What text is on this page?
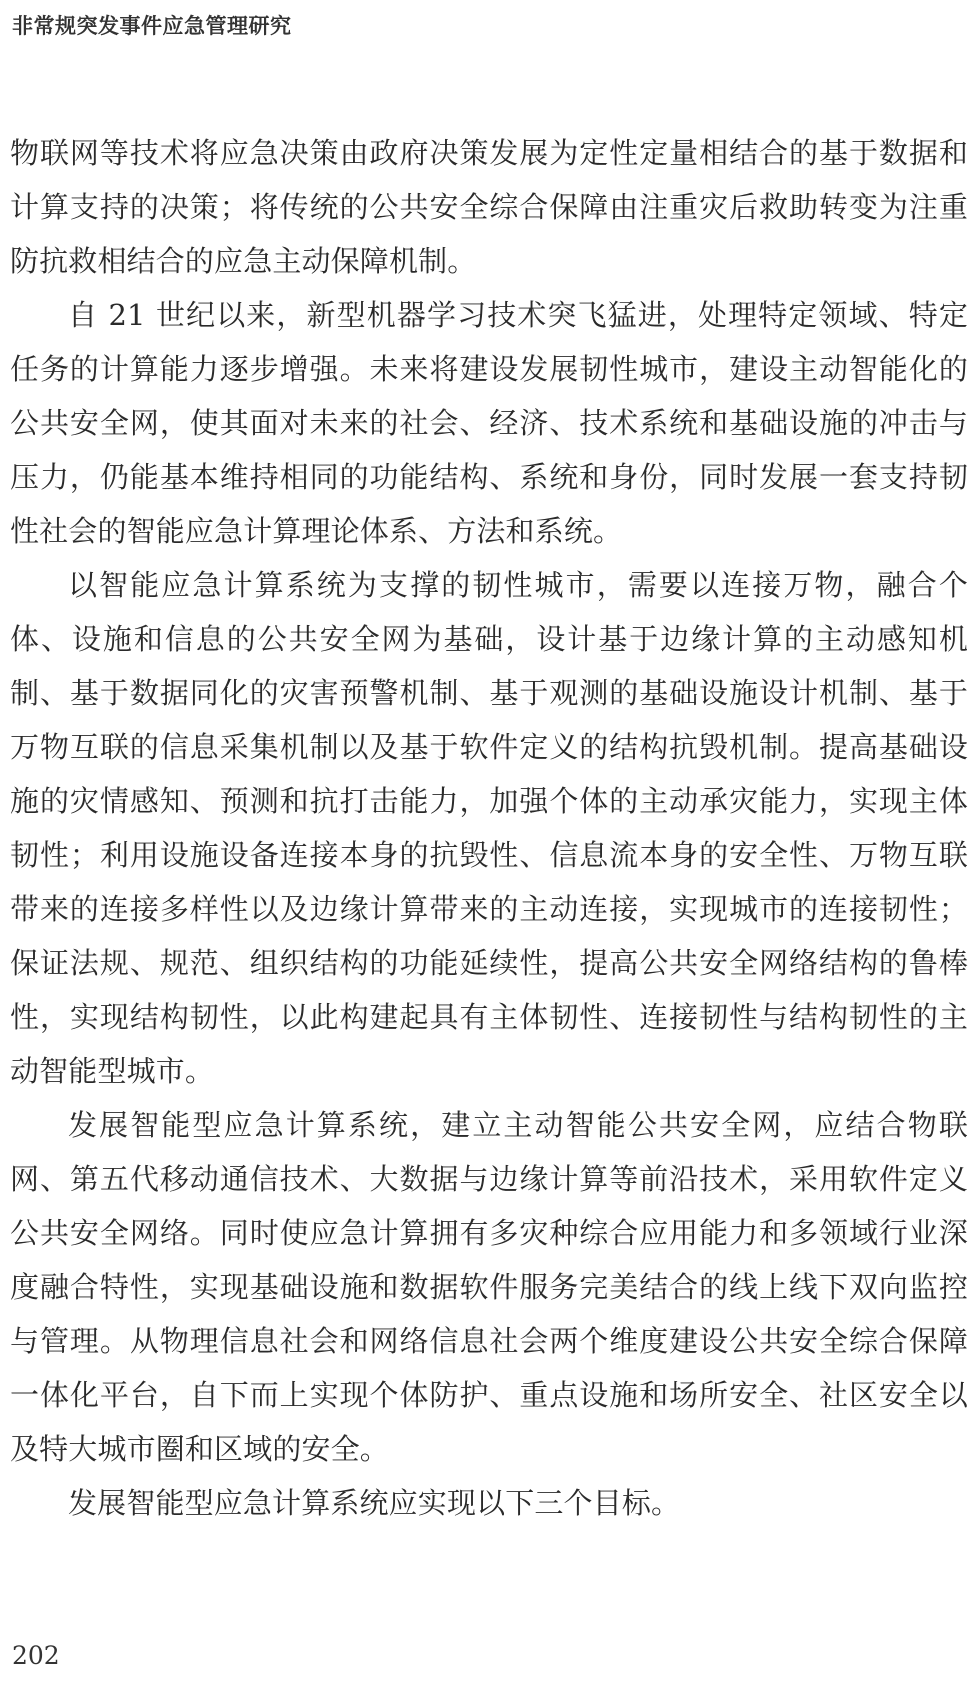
非常规突发事件应急管理研究

物联网等技术将应急决策由政府决策发展为定性定量相结合的基于数据和计算支持的决策；将传统的公共安全综合保障由注重灾后救助转变为注重防抗救相结合的应急主动保障机制。

自 21 世纪以来，新型机器学习技术突飞猛进，处理特定领域、特定任务的计算能力逐步增强。未来将建设发展韧性城市，建设主动智能化的公共安全网，使其面对未来的社会、经济、技术系统和基础设施的冲击与压力，仍能基本维持相同的功能结构、系统和身份，同时发展一套支持韧性社会的智能应急计算理论体系、方法和系统。

以智能应急计算系统为支撑的韧性城市，需要以连接万物，融合个体、设施和信息的公共安全网为基础，设计基于边缘计算的主动感知机制、基于数据同化的灾害预警机制、基于观测的基础设施设计机制、基于万物互联的信息采集机制以及基于软件定义的结构抗毁机制。提高基础设施的灾情感知、预测和抗打击能力，加强个体的主动承灾能力，实现主体韧性；利用设施设备连接本身的抗毁性、信息流本身的安全性、万物互联带来的连接多样性以及边缘计算带来的主动连接，实现城市的连接韧性；保证法规、规范、组织结构的功能延续性，提高公共安全网络结构的鲁棒性，实现结构韧性，以此构建起具有主体韧性、连接韧性与结构韧性的主动智能型城市。

发展智能型应急计算系统，建立主动智能公共安全网，应结合物联网、第五代移动通信技术、大数据与边缘计算等前沿技术，采用软件定义公共安全网络。同时使应急计算拥有多灾种综合应用能力和多领域行业深度融合特性，实现基础设施和数据软件服务完美结合的线上线下双向监控与管理。从物理信息社会和网络信息社会两个维度建设公共安全综合保障一体化平台，自下而上实现个体防护、重点设施和场所安全、社区安全以及特大城市圈和区域的安全。

发展智能型应急计算系统应实现以下三个目标。

202
